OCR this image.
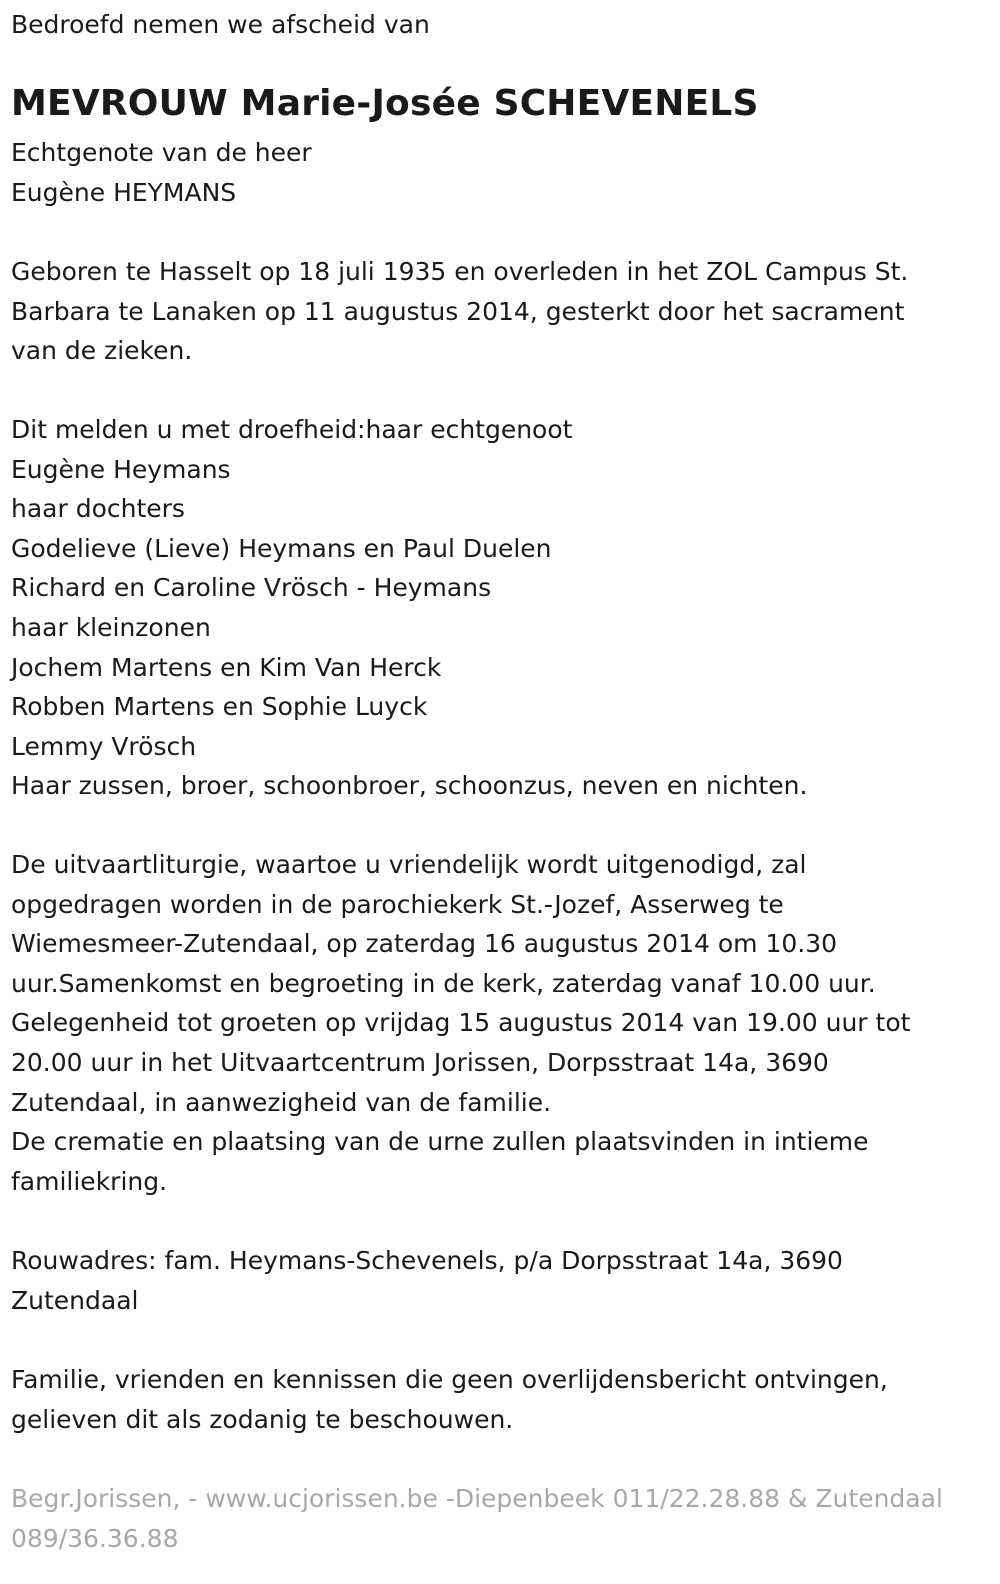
Bedroefd nemen we afscheid van

MEVROUW Marie-Josée SCHEVENELS

Echtgenote van de heer
Eugène HEYMANS

Geboren te Hasselt op 18 juli 1935 en overleden in het ZOL Campus St.
Barbara te Lanaken op 11 augustus 2014, gesterkt door het sacrament
van de zieken.

Dit melden u met droefheid:haar echtgenoot
Eugène Heymans
haar dochters
Godelieve (Lieve) Heymans en Paul Duelen
Richard en Caroline Vrösch - Heymans
haar kleinzonen
Jochem Martens en Kim Van Herck
Robben Martens en Sophie Luyck
Lemmy Vrösch
Haar zussen, broer, schoonbroer, schoonzus, neven en nichten.

De uitvaartliturgie, waartoe u vriendelijk wordt uitgenodigd, zal
opgedragen worden in de parochiekerk St.-Jozef, Asserweg te
Wiemesmeer-Zutendaal, op zaterdag 16 augustus 2014 om 10.30
uur.Samenkomst en begroeting in de kerk, zaterdag vanaf 10.00 uur.
Gelegenheid tot groeten op vrijdag 15 augustus 2014 van 19.00 uur tot
20.00 uur in het Uitvaartcentrum Jorissen, Dorpsstraat 14a, 3690
Zutendaal, in aanwezigheid van de familie.
De crematie en plaatsing van de urne zullen plaatsvinden in intieme
familiekring.

Rouwadres: fam. Heymans-Schevenels, p/a Dorpsstraat 14a, 3690
Zutendaal

Familie, vrienden en kennissen die geen overlijdensbericht ontvingen,
gelieven dit als zodanig te beschouwen.

Begr.Jorissen, - www.ucjorissen.be -Diepenbeek 011/22.28.88 & Zutendaal
089/36.36.88
